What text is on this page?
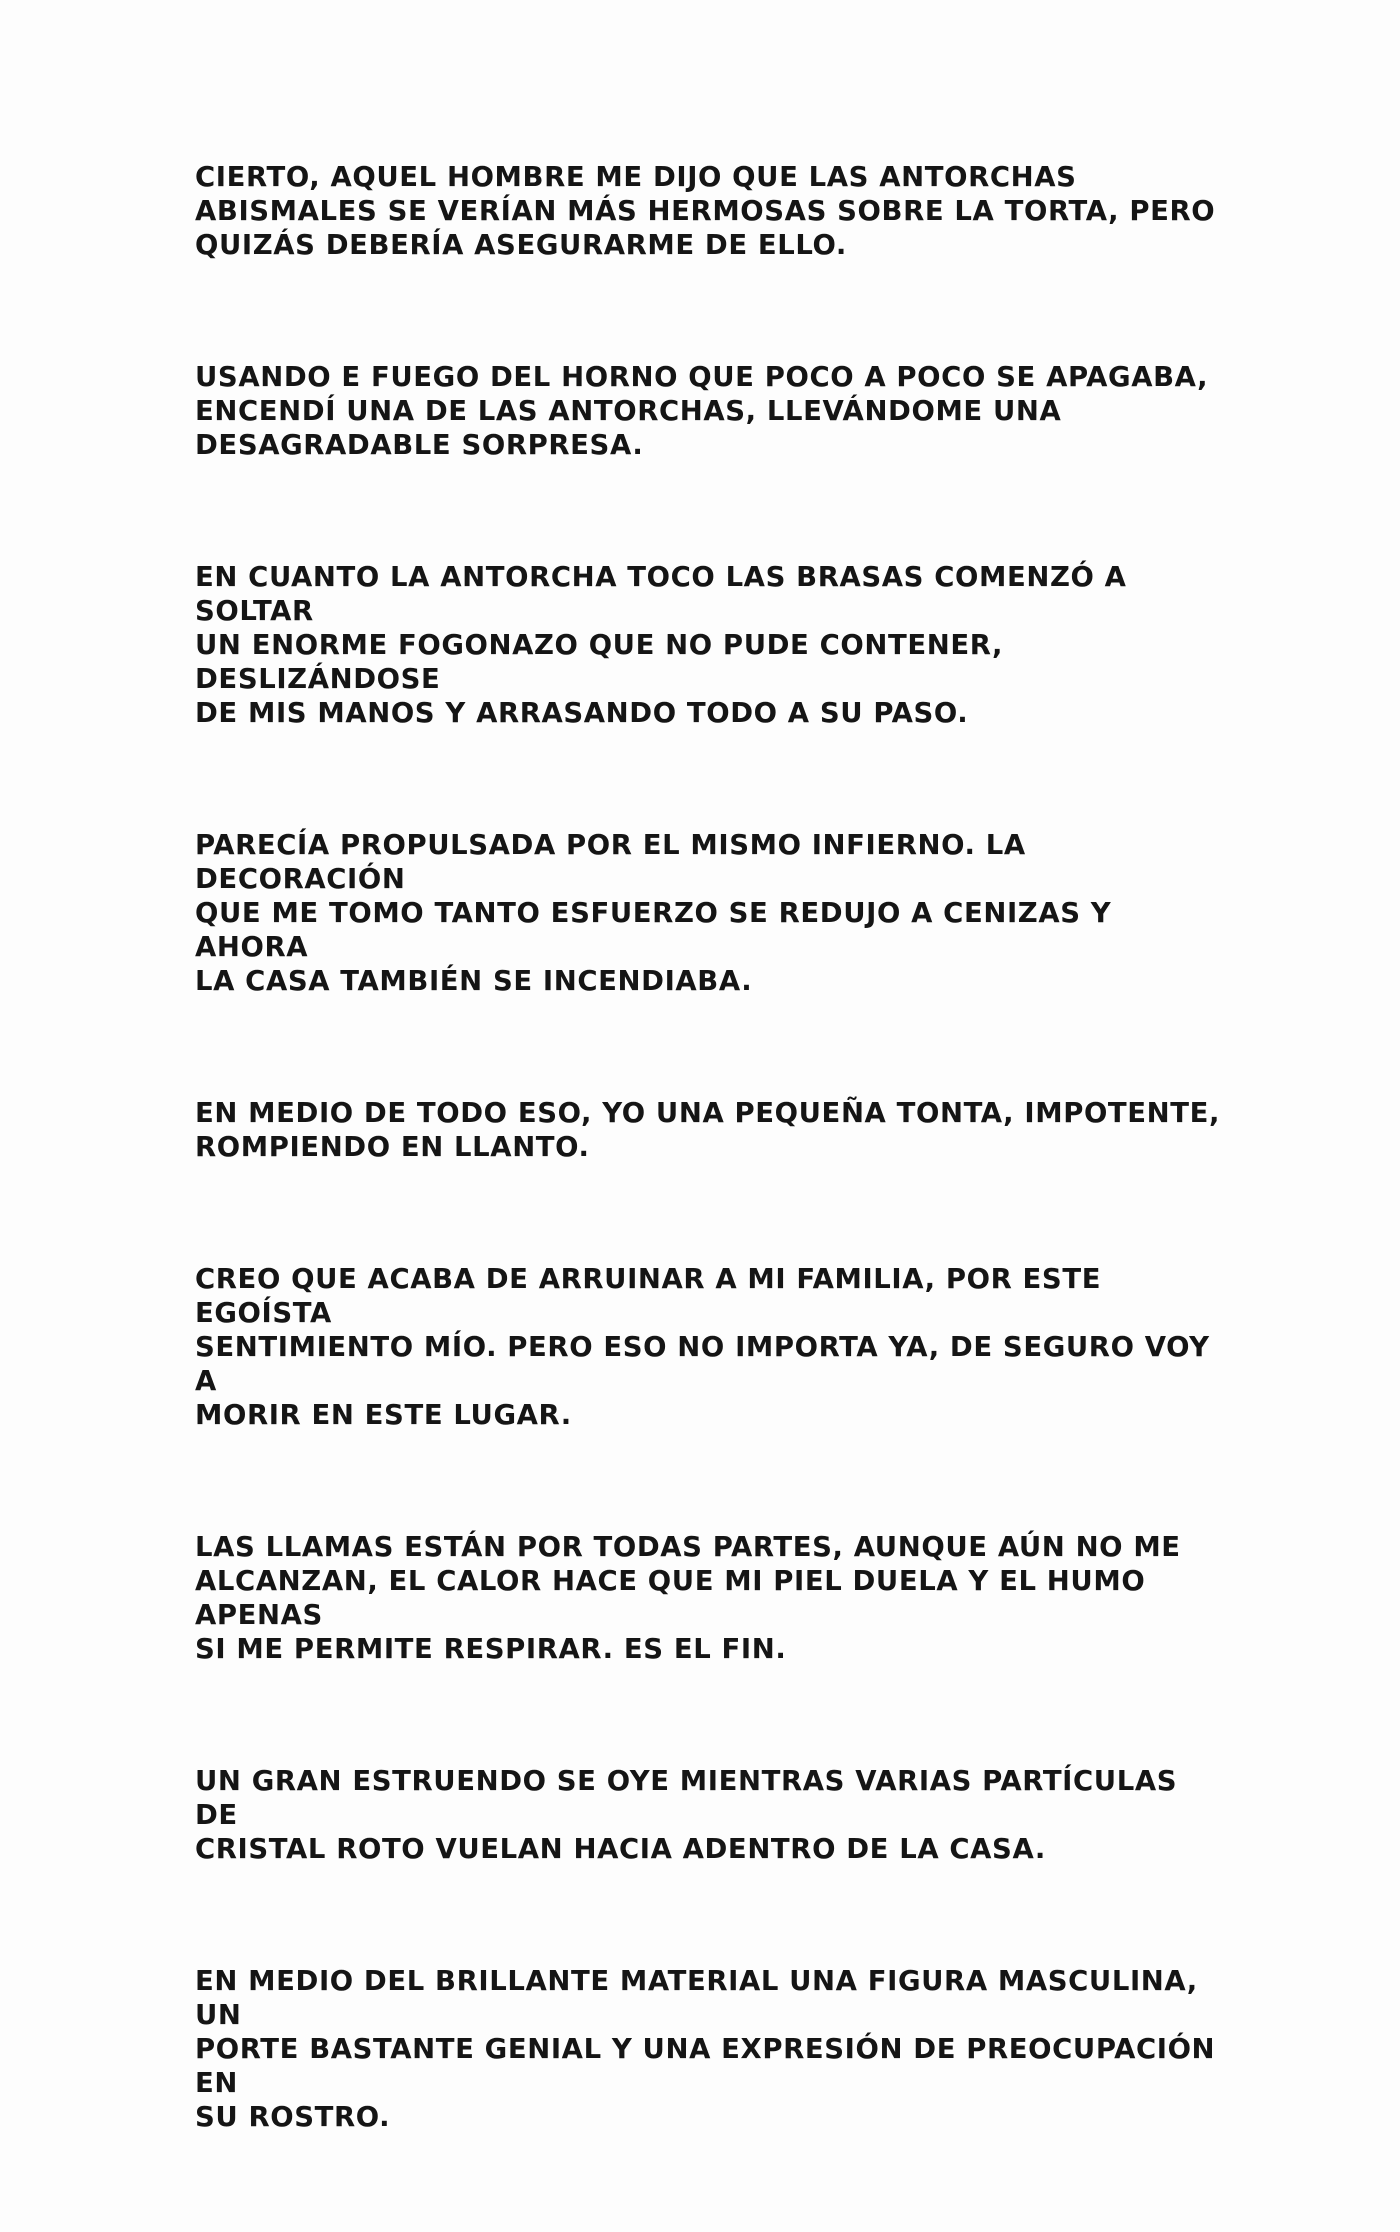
CIERTO, AQUEL HOMBRE ME DIJO QUE LAS ANTORCHAS
ABISMALES SE VERÍAN MÁS HERMOSAS SOBRE LA TORTA, PERO
QUIZÁS DEBERÍA ASEGURARME DE ELLO.

USANDO E FUEGO DEL HORNO QUE POCO A POCO SE APAGABA,
ENCENDÍ UNA DE LAS ANTORCHAS, LLEVÁNDOME UNA
DESAGRADABLE SORPRESA.

EN CUANTO LA ANTORCHA TOCO LAS BRASAS COMENZÓ A SOLTAR
UN ENORME FOGONAZO QUE NO PUDE CONTENER, DESLIZÁNDOSE
DE MIS MANOS Y ARRASANDO TODO A SU PASO.

PARECÍA PROPULSADA POR EL MISMO INFIERNO. LA DECORACIÓN
QUE ME TOMO TANTO ESFUERZO SE REDUJO A CENIZAS Y AHORA
LA CASA TAMBIÉN SE INCENDIABA.

EN MEDIO DE TODO ESO, YO UNA PEQUEÑA TONTA, IMPOTENTE,
ROMPIENDO EN LLANTO.

CREO QUE ACABA DE ARRUINAR A MI FAMILIA, POR ESTE EGOÍSTA
SENTIMIENTO MÍO. PERO ESO NO IMPORTA YA, DE SEGURO VOY A
MORIR EN ESTE LUGAR.

LAS LLAMAS ESTÁN POR TODAS PARTES, AUNQUE AÚN NO ME
ALCANZAN, EL CALOR HACE QUE MI PIEL DUELA Y EL HUMO APENAS
SI ME PERMITE RESPIRAR. ES EL FIN.

UN GRAN ESTRUENDO SE OYE MIENTRAS VARIAS PARTÍCULAS DE
CRISTAL ROTO VUELAN HACIA ADENTRO DE LA CASA.

EN MEDIO DEL BRILLANTE MATERIAL UNA FIGURA MASCULINA, UN
PORTE BASTANTE GENIAL Y UNA EXPRESIÓN DE PREOCUPACIÓN EN
SU ROSTRO.
